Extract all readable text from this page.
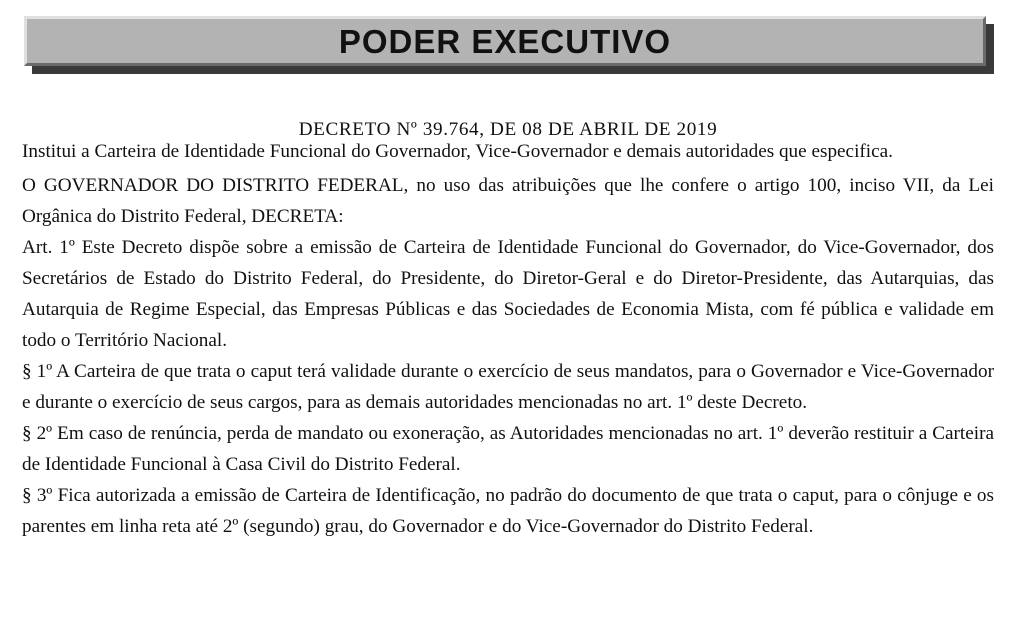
PODER EXECUTIVO

DECRETO Nº 39.764, DE 08 DE ABRIL DE 2019

Institui a Carteira de Identidade Funcional do Governador, Vice-Governador e demais autoridades que especifica.

O GOVERNADOR DO DISTRITO FEDERAL, no uso das atribuições que lhe confere o artigo 100, inciso VII, da Lei Orgânica do Distrito Federal, DECRETA:

Art. 1º Este Decreto dispõe sobre a emissão de Carteira de Identidade Funcional do Governador, do Vice-Governador, dos Secretários de Estado do Distrito Federal, do Presidente, do Diretor-Geral e do Diretor-Presidente, das Autarquias, das Autarquia de Regime Especial, das Empresas Públicas e das Sociedades de Economia Mista, com fé pública e validade em todo o Território Nacional.

§ 1º A Carteira de que trata o caput terá validade durante o exercício de seus mandatos, para o Governador e Vice-Governador e durante o exercício de seus cargos, para as demais autoridades mencionadas no art. 1º deste Decreto.

§ 2º Em caso de renúncia, perda de mandato ou exoneração, as Autoridades mencionadas no art. 1º deverão restituir a Carteira de Identidade Funcional à Casa Civil do Distrito Federal.

§ 3º Fica autorizada a emissão de Carteira de Identificação, no padrão do documento de que trata o caput, para o cônjuge e os parentes em linha reta até 2º (segundo) grau, do Governador e do Vice-Governador do Distrito Federal.
